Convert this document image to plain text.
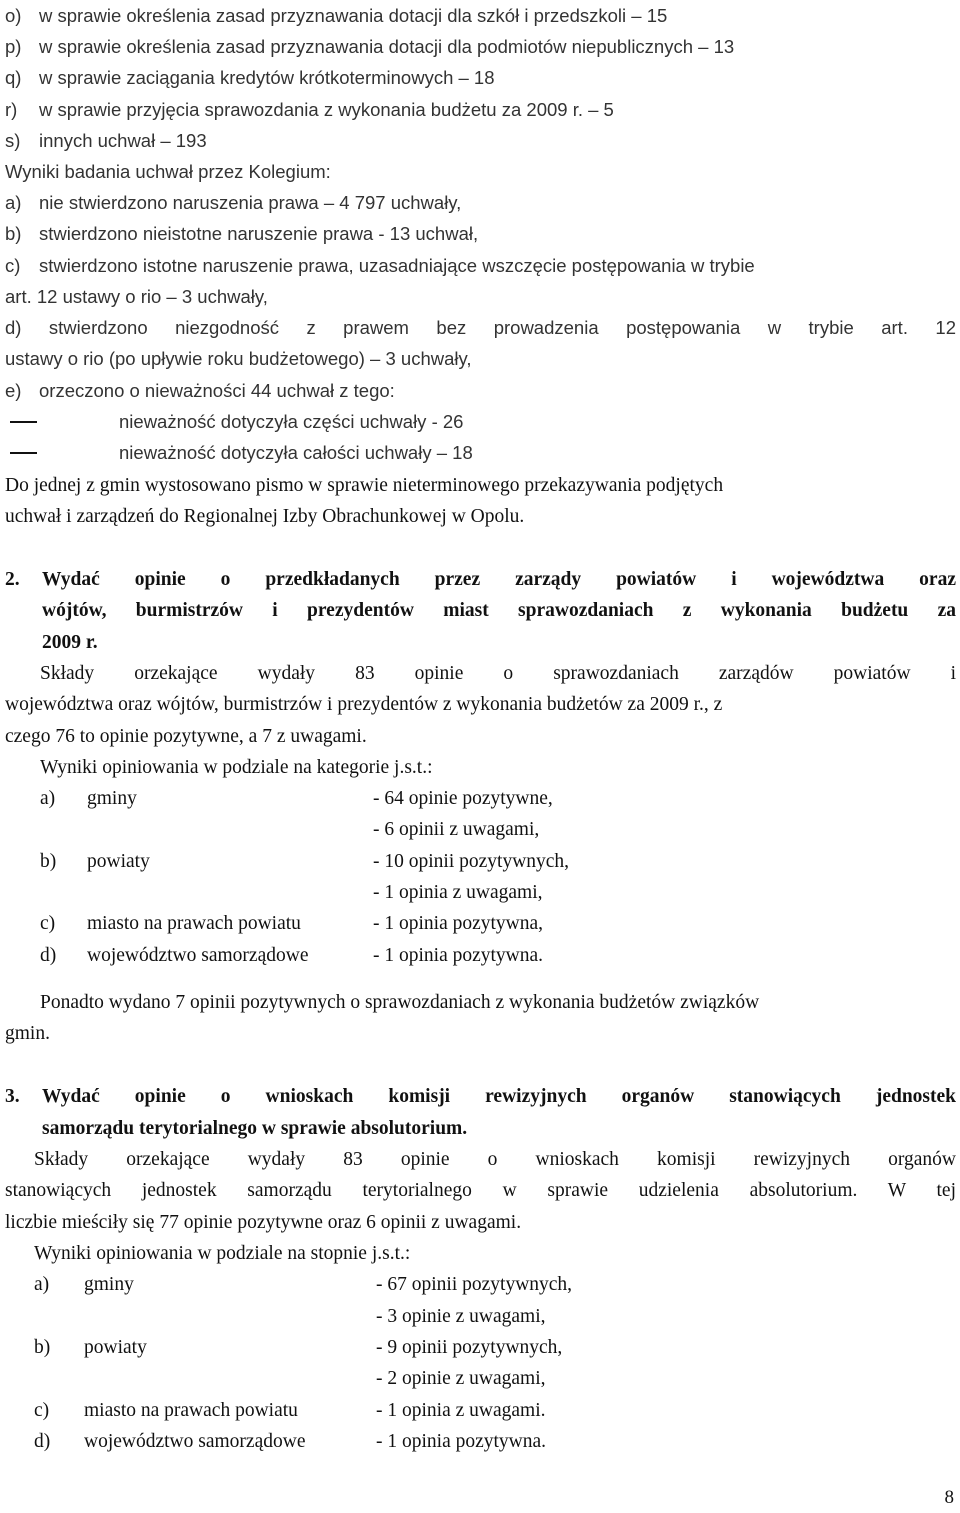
o) w sprawie określenia zasad przyznawania dotacji dla szkół i przedszkoli – 15

p) w sprawie określenia zasad przyznawania dotacji dla podmiotów niepublicznych – 13

q) w sprawie zaciągania kredytów krótkoterminowych – 18

r) w sprawie przyjęcia sprawozdania z wykonania budżetu za 2009 r. – 5

s) innych uchwał – 193

Wyniki badania uchwał przez Kolegium:

a) nie stwierdzono naruszenia prawa – 4 797 uchwały,

b) stwierdzono nieistotne naruszenie prawa - 13 uchwał,

c) stwierdzono istotne naruszenie prawa, uzasadniające wszczęcie postępowania w trybie

art. 12 ustawy o rio – 3 uchwały,

d) stwierdzono niezgodność z prawem bez prowadzenia postępowania w trybie art. 12

ustawy o rio (po upływie roku budżetowego) – 3 uchwały,

e) orzeczono o nieważności 44 uchwał z tego:

nieważność dotyczyła części uchwały - 26

nieważność dotyczyła całości uchwały – 18

Do jednej z gmin wystosowano pismo w sprawie nieterminowego przekazywania podjętych

uchwał i zarządzeń do Regionalnej Izby Obrachunkowej w Opolu.

2.	Wydać opinie o przedkładanych przez zarządy powiatów i województwa oraz

wójtów, burmistrzów i prezydentów miast sprawozdaniach z wykonania budżetu za

2009 r.

Składy orzekające wydały 83 opinie o sprawozdaniach zarządów powiatów i

województwa oraz wójtów, burmistrzów i prezydentów z wykonania budżetów za 2009 r., z

czego 76 to opinie pozytywne, a 7 z uwagami.

Wyniki opiniowania w podziale na kategorie j.s.t.:

a) gminy	- 64 opinie pozytywne,

- 6 opinii z uwagami,

b) powiaty	- 10 opinii pozytywnych,

- 1 opinia z uwagami,

c) miasto na prawach powiatu	- 1 opinia pozytywna,

d) województwo samorządowe	- 1 opinia pozytywna.

Ponadto wydano 7 opinii pozytywnych o sprawozdaniach z wykonania budżetów związków

gmin.

3.	Wydać opinie o wnioskach komisji rewizyjnych organów stanowiących jednostek

samorządu terytorialnego w sprawie absolutorium.

Składy orzekające wydały 83 opinie o wnioskach komisji rewizyjnych organów

stanowiących jednostek samorządu terytorialnego w sprawie udzielenia absolutorium. W tej

liczbie mieściły się 77 opinie pozytywne oraz 6 opinii z uwagami.

Wyniki opiniowania w podziale na stopnie j.s.t.:

a) gminy	- 67 opinii pozytywnych,

- 3 opinie z uwagami,

b) powiaty	- 9 opinii pozytywnych,

- 2 opinie z uwagami,

c) miasto na prawach powiatu	- 1 opinia z uwagami.

d) województwo samorządowe	- 1 opinia pozytywna.

8
